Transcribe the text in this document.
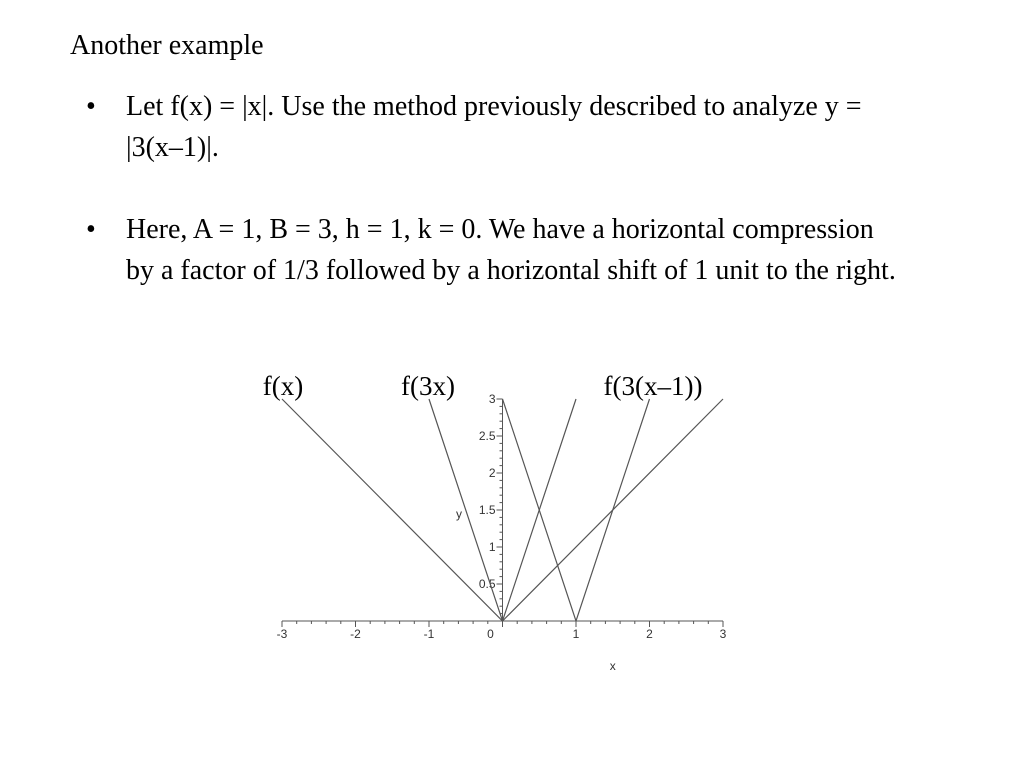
Another example
• Let f(x) = |x|. Use the method previously described to analyze y = |3(x–1)|.
• Here, A = 1, B = 3, h = 1, k = 0. We have a horizontal compression by a factor of 1/3 followed by a horizontal shift of 1 unit to the right.
f(x)	f(3x)	f(3(x–1))
-3	-2	-1	0	1	2	3
0.5
1
1.5
2
2.5
3
x
y
